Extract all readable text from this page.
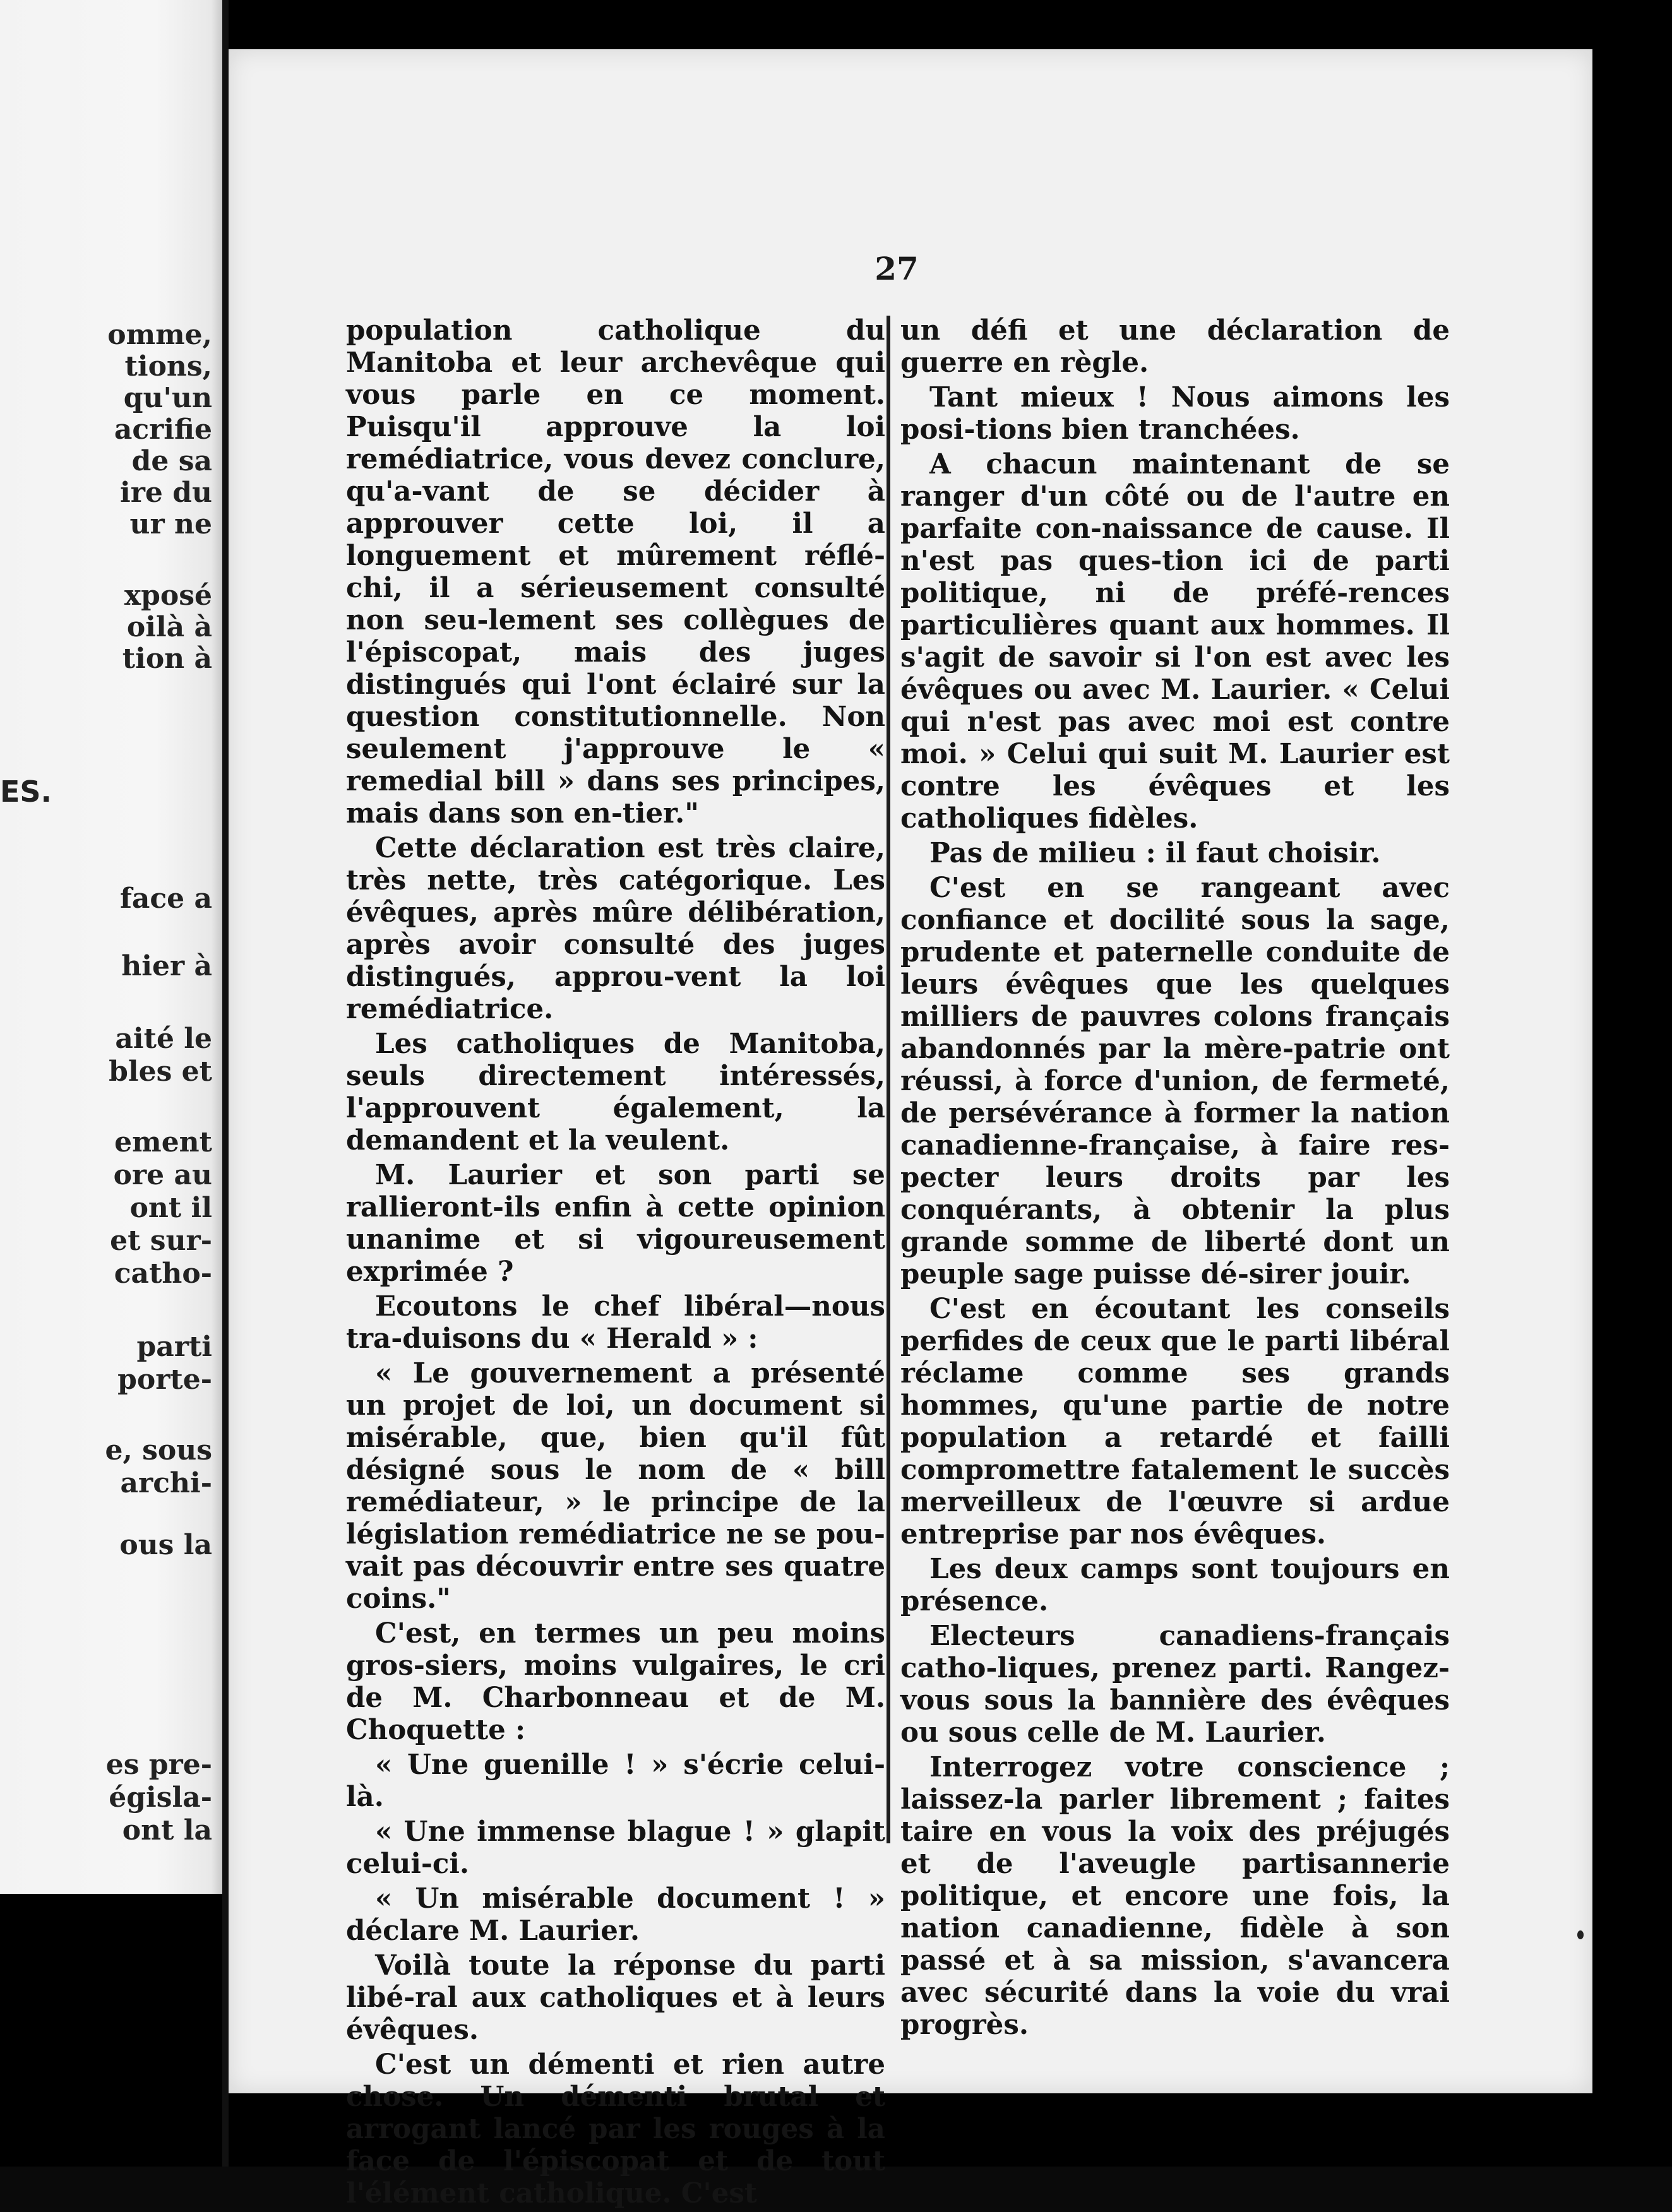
omme,
tions,
qu'un
acrifie
de sa
ire du
ur ne
xposé
oilà à
tion à
ES.
face a
hier à
aité le
bles et
ement
ore au
ont il
et sur-
catho-
parti
porte-
e, sous
archi-
ous la
es pre-
égisla-
ont la
27

population catholique du Manitoba et leur archevêque qui vous parle en ce moment. Puisqu'il approuve la loi remédiatrice, vous devez conclure, qu'a-vant de se décider à approuver cette loi, il a longuement et mûrement réflé-chi, il a sérieusement consulté non seu-lement ses collègues de l'épiscopat, mais des juges distingués qui l'ont éclairé sur la question constitutionnelle. Non seulement j'approuve le « remedial bill » dans ses principes, mais dans son en-tier."

Cette déclaration est très claire, très nette, très catégorique. Les évêques, après mûre délibération, après avoir consulté des juges distingués, approu-vent la loi remédiatrice.

Les catholiques de Manitoba, seuls directement intéressés, l'approuvent également, la demandent et la veulent.

M. Laurier et son parti se rallieront-ils enfin à cette opinion unanime et si vigoureusement exprimée ?

Ecoutons le chef libéral—nous tra-duisons du « Herald » :

« Le gouvernement a présenté un projet de loi, un document si misérable, que, bien qu'il fût désigné sous le nom de « bill remédiateur, » le principe de la législation remédiatrice ne se pou-vait pas découvrir entre ses quatre coins."

C'est, en termes un peu moins gros-siers, moins vulgaires, le cri de M. Charbonneau et de M. Choquette :

« Une guenille ! » s'écrie celui-là.

« Une immense blague ! » glapit celui-ci.

« Un misérable document ! » déclare M. Laurier.

Voilà toute la réponse du parti libé-ral aux catholiques et à leurs évêques.

C'est un démenti et rien autre chose. Un démenti brutal et arrogant lancé par les rouges à la face de l'épiscopat et de tout l'élément catholique. C'est

un défi et une déclaration de guerre en règle.

Tant mieux ! Nous aimons les posi-tions bien tranchées.

A chacun maintenant de se ranger d'un côté ou de l'autre en parfaite con-naissance de cause. Il n'est pas ques-tion ici de parti politique, ni de préfé-rences particulières quant aux hommes. Il s'agit de savoir si l'on est avec les évêques ou avec M. Laurier. « Celui qui n'est pas avec moi est contre moi. » Celui qui suit M. Laurier est contre les évêques et les catholiques fidèles.

Pas de milieu : il faut choisir.

C'est en se rangeant avec confiance et docilité sous la sage, prudente et paternelle conduite de leurs évêques que les quelques milliers de pauvres colons français abandonnés par la mère-patrie ont réussi, à force d'union, de fermeté, de persévérance à former la nation canadienne-française, à faire res-pecter leurs droits par les conquérants, à obtenir la plus grande somme de liberté dont un peuple sage puisse dé-sirer jouir.

C'est en écoutant les conseils perfides de ceux que le parti libéral réclame comme ses grands hommes, qu'une partie de notre population a retardé et failli compromettre fatalement le succès merveilleux de l'œuvre si ardue entreprise par nos évêques.

Les deux camps sont toujours en présence.

Electeurs canadiens-français catho-liques, prenez parti. Rangez-vous sous la bannière des évêques ou sous celle de M. Laurier.

Interrogez votre conscience ; laissez-la parler librement ; faites taire en vous la voix des préjugés et de l'aveugle partisannerie politique, et encore une fois, la nation canadienne, fidèle à son passé et à sa mission, s'avancera avec sécurité dans la voie du vrai progrès.
